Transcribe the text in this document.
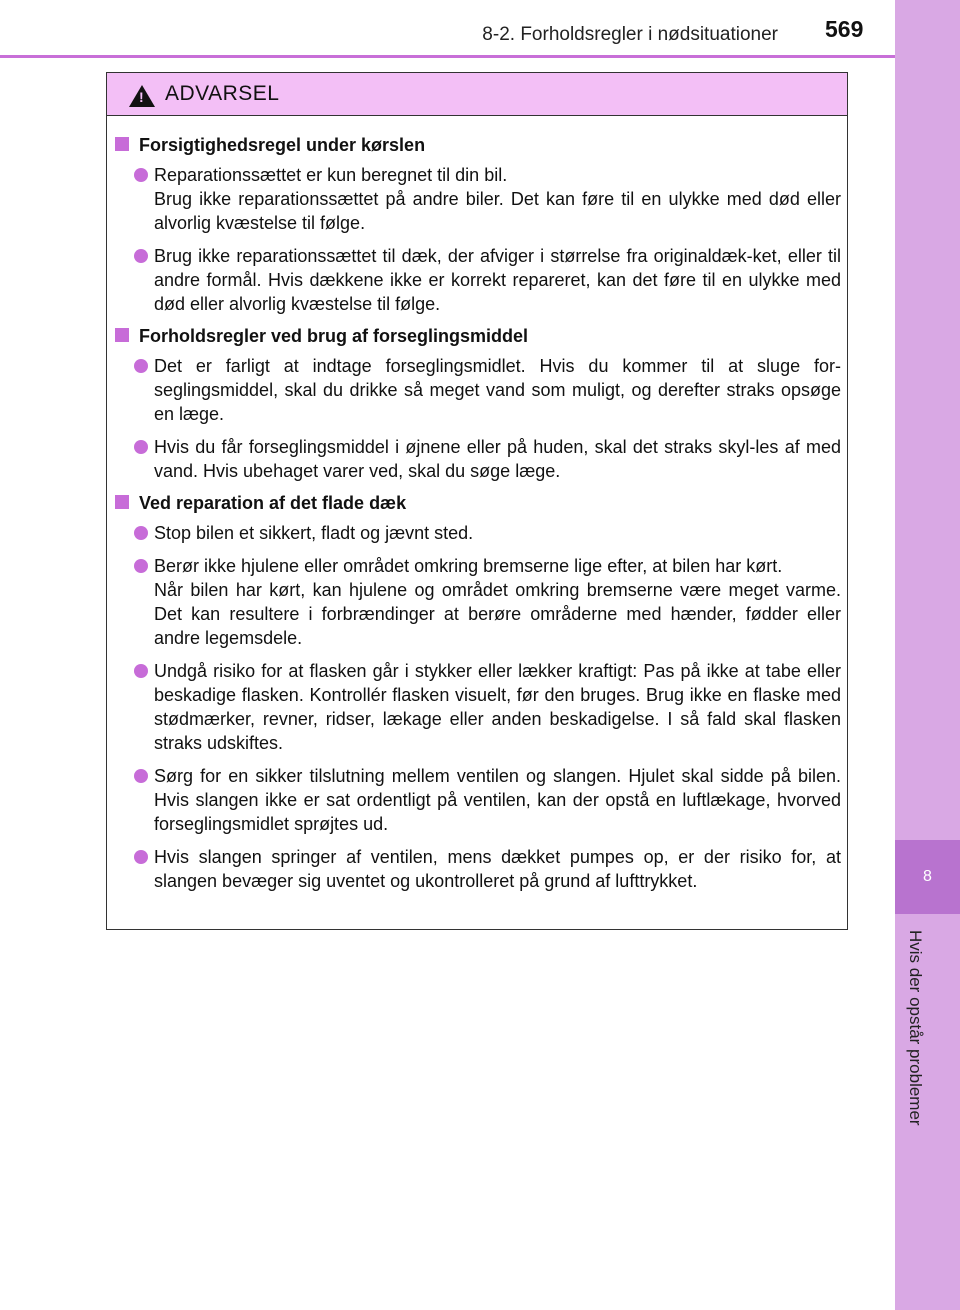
8-2. Forholdsregler i nødsituationer 569
8
Hvis der opstår problemer
!
ADVARSEL
Forsigtighedsregel under kørslen

Reparationssættet er kun beregnet til din bil.

Brug ikke reparationssættet på andre biler. Det kan føre til en ulykke med død eller alvorlig kvæstelse til følge.

Brug ikke reparationssættet til dæk, der afviger i størrelse fra originaldæk-ket, eller til andre formål. Hvis dækkene ikke er korrekt repareret, kan det føre til en ulykke med død eller alvorlig kvæstelse til følge.

Forholdsregler ved brug af forseglingsmiddel

Det er farligt at indtage forseglingsmidlet. Hvis du kommer til at sluge for-seglingsmiddel, skal du drikke så meget vand som muligt, og derefter straks opsøge en læge.

Hvis du får forseglingsmiddel i øjnene eller på huden, skal det straks skyl-les af med vand. Hvis ubehaget varer ved, skal du søge læge.

Ved reparation af det flade dæk

Stop bilen et sikkert, fladt og jævnt sted.

Berør ikke hjulene eller området omkring bremserne lige efter, at bilen har kørt.

Når bilen har kørt, kan hjulene og området omkring bremserne være meget varme. Det kan resultere i forbrændinger at berøre områderne med hænder, fødder eller andre legemsdele.

Undgå risiko for at flasken går i stykker eller lækker kraftigt: Pas på ikke at tabe eller beskadige flasken. Kontrollér flasken visuelt, før den bruges. Brug ikke en flaske med stødmærker, revner, ridser, lækage eller anden beskadigelse. I så fald skal flasken straks udskiftes.

Sørg for en sikker tilslutning mellem ventilen og slangen. Hjulet skal sidde på bilen. Hvis slangen ikke er sat ordentligt på ventilen, kan der opstå en luftlækage, hvorved forseglingsmidlet sprøjtes ud.

Hvis slangen springer af ventilen, mens dækket pumpes op, er der risiko for, at slangen bevæger sig uventet og ukontrolleret på grund af lufttrykket.
